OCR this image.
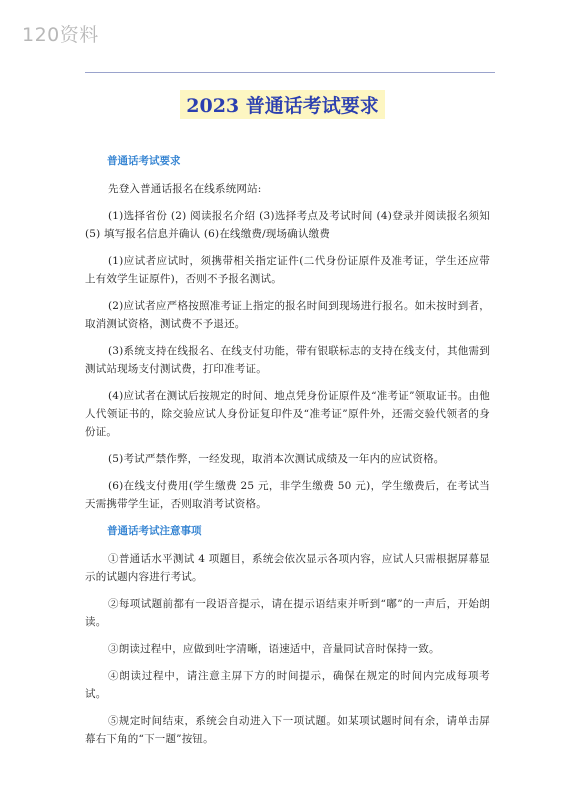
120资料
2023 普通话考试要求
普通话考试要求

先登入普通话报名在线系统网站:

(1)选择省份 (2) 阅读报名介绍 (3)选择考点及考试时间 (4)登录并阅读报名须知 (5) 填写报名信息并确认 (6)在线缴费/现场确认缴费

(1)应试者应试时，须携带相关指定证件(二代身份证原件及准考证，学生还应带上有效学生证原件)，否则不予报名测试。

(2)应试者应严格按照准考证上指定的报名时间到现场进行报名。如未按时到者，取消测试资格，测试费不予退还。

(3)系统支持在线报名、在线支付功能，带有银联标志的支持在线支付，其他需到测试站现场支付测试费，打印准考证。

(4)应试者在测试后按规定的时间、地点凭身份证原件及“准考证”领取证书。由他人代领证书的，除交验应试人身份证复印件及“准考证”原件外，还需交验代领者的身份证。

(5)考试严禁作弊，一经发现，取消本次测试成绩及一年内的应试资格。

(6)在线支付费用(学生缴费 25 元，非学生缴费 50 元)，学生缴费后，在考试当天需携带学生证，否则取消考试资格。

普通话考试注意事项

①普通话水平测试 4 项题目，系统会依次显示各项内容，应试人只需根据屏幕显示的试题内容进行考试。

②每项试题前都有一段语音提示，请在提示语结束并听到“嘟”的一声后，开始朗读。

③朗读过程中，应做到吐字清晰，语速适中，音量同试音时保持一致。

④朗读过程中，请注意主屏下方的时间提示，确保在规定的时间内完成每项考试。

⑤规定时间结束，系统会自动进入下一项试题。如某项试题时间有余，请单击屏幕右下角的“下一题”按钮。
